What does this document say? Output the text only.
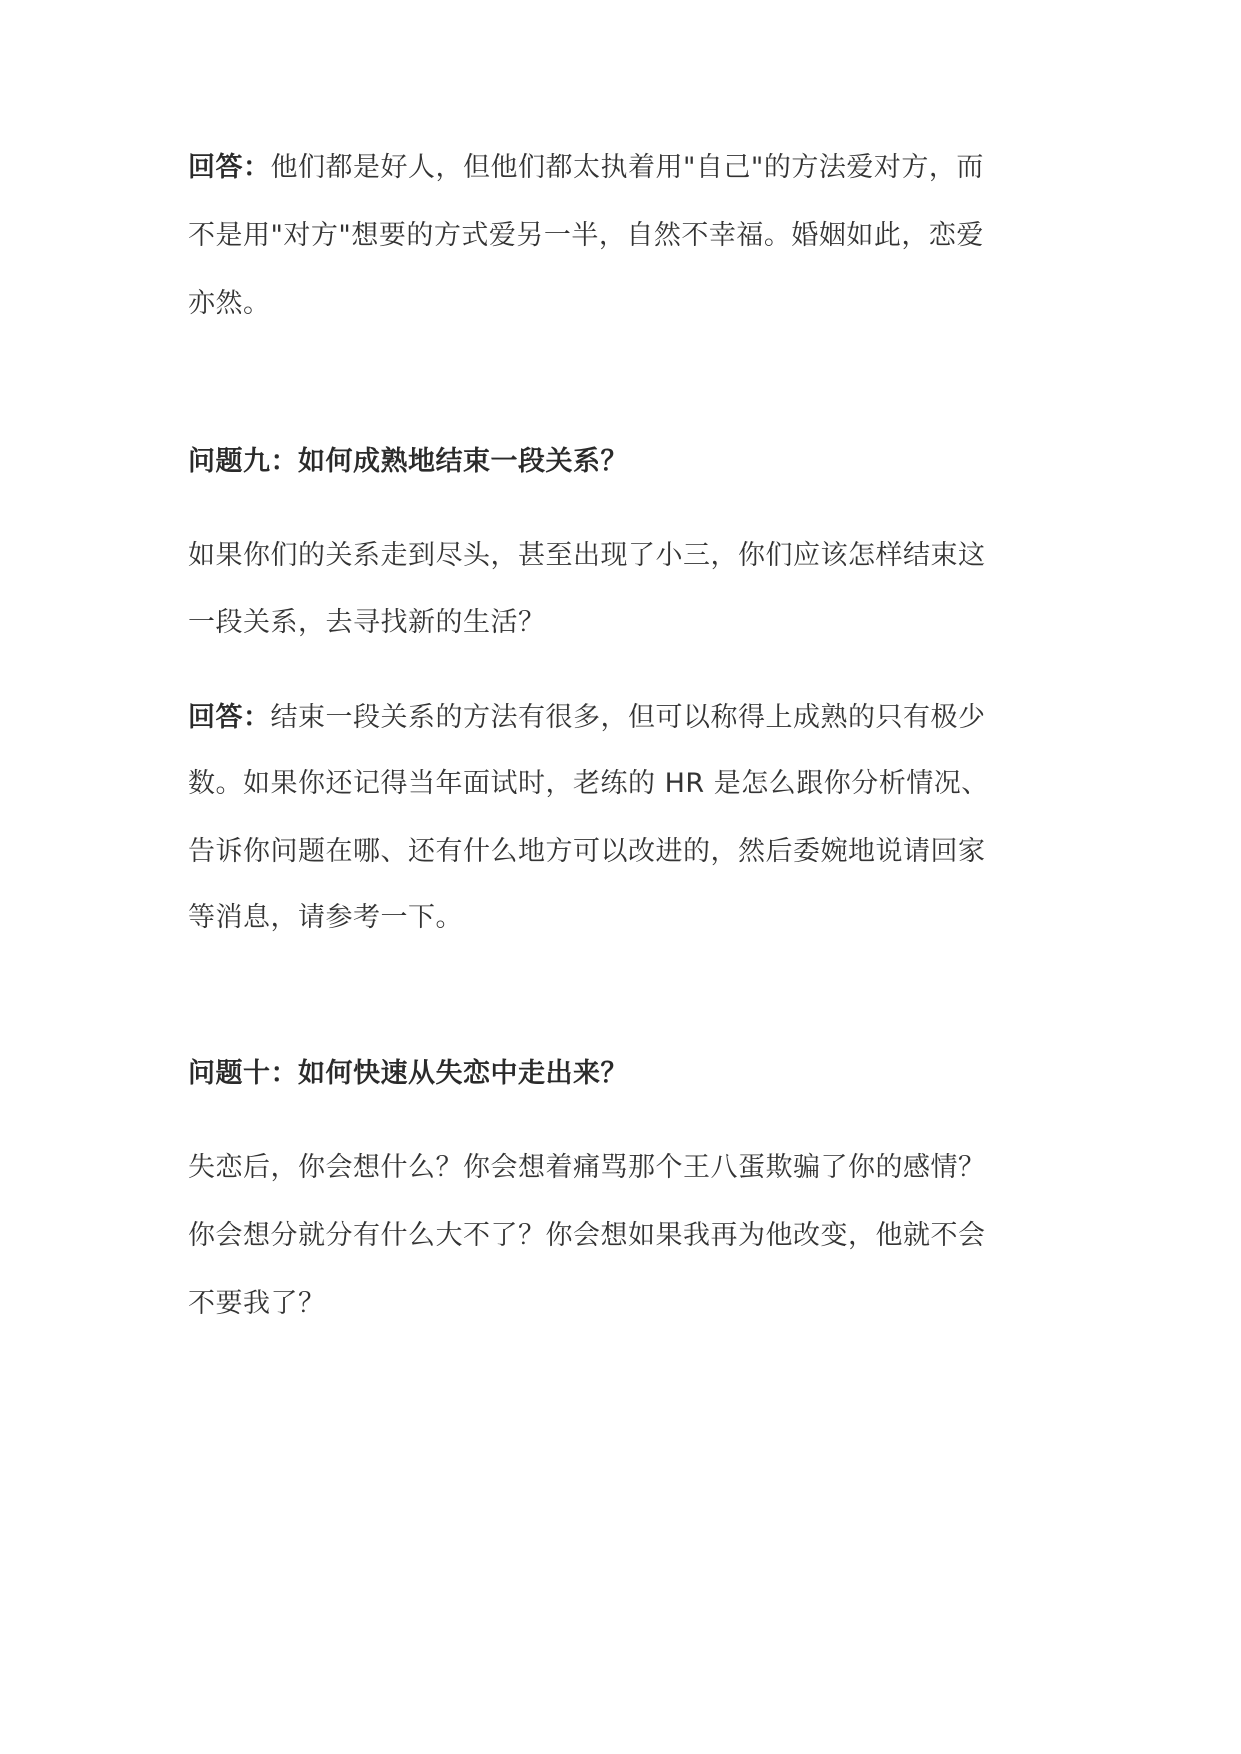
回答：他们都是好人，但他们都太执着用"自己"的方法爱对方，而
不是用"对方"想要的方式爱另一半，自然不幸福。婚姻如此，恋爱
亦然。
问题九：如何成熟地结束一段关系？
如果你们的关系走到尽头，甚至出现了小三，你们应该怎样结束这
一段关系，去寻找新的生活？
回答：结束一段关系的方法有很多，但可以称得上成熟的只有极少
数。如果你还记得当年面试时，老练的 HR 是怎么跟你分析情况、
告诉你问题在哪、还有什么地方可以改进的，然后委婉地说请回家
等消息，请参考一下。
问题十：如何快速从失恋中走出来？
失恋后，你会想什么？你会想着痛骂那个王八蛋欺骗了你的感情？
你会想分就分有什么大不了？你会想如果我再为他改变，他就不会
不要我了？
